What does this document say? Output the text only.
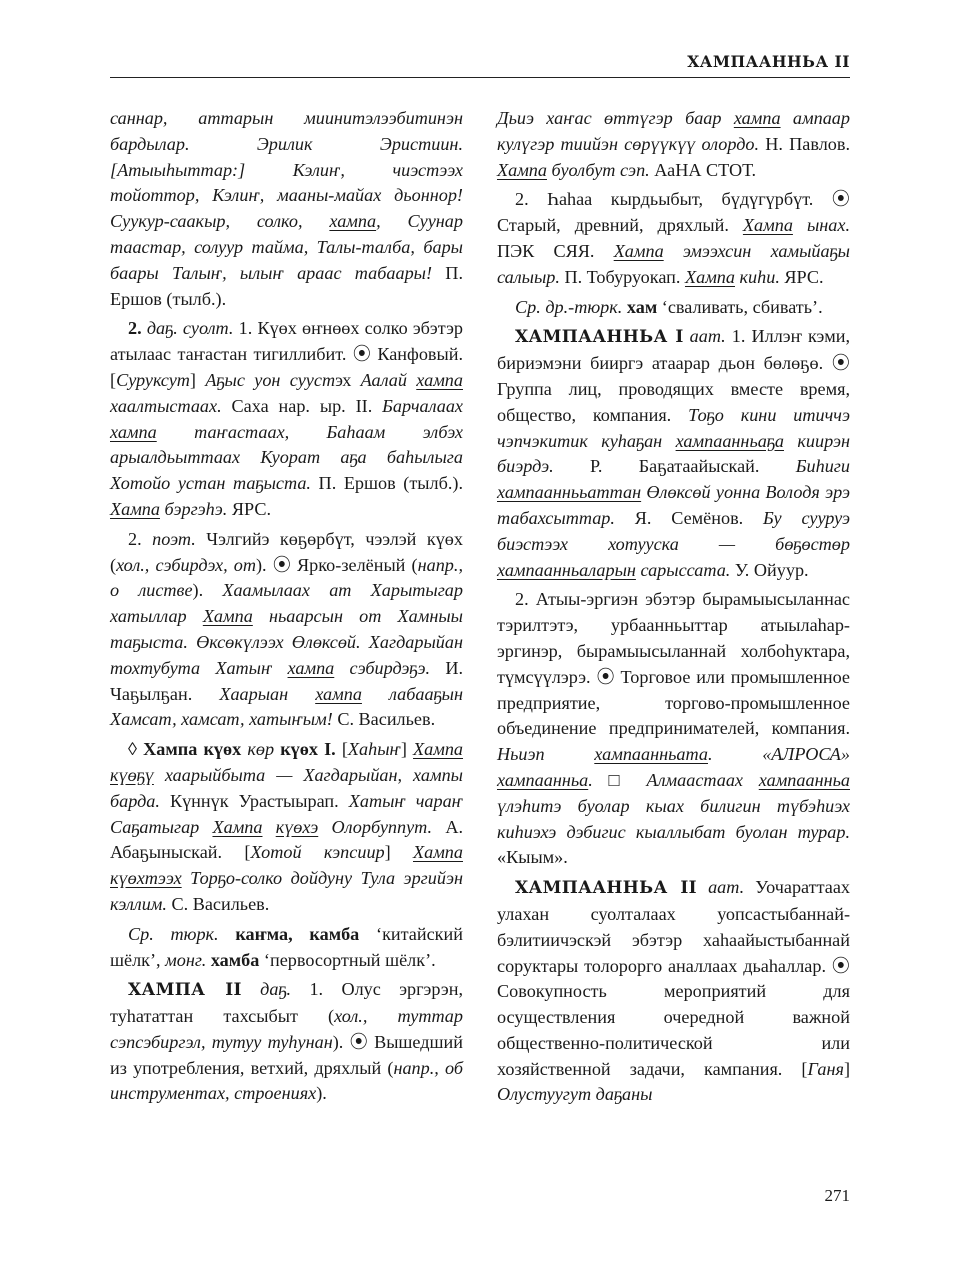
ХАМПААННЬА II

саннар, аттарын миинитэлээбитинэн бардылар. Эрилик Эристиин. [Атыыһыттар:] Кэлиҥ, чиэстээх тойоттор, Кэлиҥ, мааны-майах дьоннор! Суукур-саакыр, солко, хампа, Суунар таастар, солуур тайма, Талы-талба, бары баары Талыҥ, ылыҥ араас табаары! П. Ершов (тылб.).

2. даҕ. суолт. 1. Күөх өҥнөөх солко эбэтэр атылаас таҥастан тигиллибит. ⦿ Канфовый. [Суруксут] Аҕыс уон суустэх Аалай хампа хаалтыстаах. Саха нар. ыр. II. Барчалаах хампа таҥастаах, Баһаам элбэх арыалдьыттаах Куорат аҕа баһылыга Хотойо устан таҕыста. П. Ершов (тылб.). Хампа бэргэһэ. ЯРС.

2. поэт. Чэлгийэ көҕөрбүт, чээлэй күөх (хол., сэбирдэх, от). ⦿ Ярко-зелёный (напр., о листве). Хаамылаах ат Харытыгар хатыллар Хампа ньаарсын от Хамныы таҕыста. Өксөкүлээх Өлөксөй. Хагдарыйан тохтубута Хатыҥ хампа сэбирдэҕэ. И. Чаҕылҕан. Хаарыан хампа лабааҕын Хамсат, хамсат, хатыҥым! С. Васильев.

◊ Хампа күөх көр күөх I. [Хаһыҥ] Хампа күөҕү хаарыйбыта — Хагдарыйан, хампы барда. Күннүк Урастыырап. Хатыҥ чараҥ Саҕатыгар Хампа күөхэ Олорбуппут. А. Абаҕыныскай. [Хотой кэпсиир] Хампа күөхтээх Торҕо-солко дойдуну Тула эргийэн кэллим. С. Васильев.

Ср. тюрк. каҥма, камба ‘китайский шёлк’, монг. хамба ‘первосортный шёлк’.

ХАМПА II даҕ. 1. Олус эргэрэн, туһататтан тахсыбыт (хол., туттар сэпсэбиргэл, тутуу туһунан). ⦿ Вышедший из употребления, ветхий, дряхлый (напр., об инструментах, строениях).

Дьиэ хаҥас өттүгэр баар хампа ампаар кулүгэр тиийэн сөрүүкүү олордо. Н. Павлов. Хампа буолбут сэп. АаНА СТОТ.

2. Һаһаа кырдьыбыт, бүдүгүрбүт. ⦿ Старый, древний, дряхлый. Хампа ынах. ПЭК СЯЯ. Хампа эмээхсин хамыйаҕы салыыр. П. Тобуруокап. Хампа киһи. ЯРС.

Ср. др.-тюрк. хам ‘сваливать, сбивать’.

ХАМПААННЬА I аат. 1. Иллэҥ кэми, бириэмэни бииргэ атаарар дьон бөлөҕө. ⦿ Группа лиц, проводящих вместе время, общество, компания. Тоҕо кини итиччэ чэпчэкитик куһаҕан хампаанньаҕа киирэн биэрдэ. Р. Баҕатаайыскай. Биһиги хампааннььаттан Өлөксөй уонна Володя эрэ табахсыттар. Я. Семёнов. Бу сууруэ биэстээх хотууска — бөҕөстөр хампаанньаларын сарыссата. У. Ойуур.

2. Атыы-эргиэн эбэтэр бырамыысыланнас тэрилтэтэ, урбаанньыттар атыылаһар-эргинэр, бырамыысыланнай холбоһуктара, түмсүүлэрэ. ⦿ Торговое или промышленное предприятие, торгово-промышленное объединение предпринимателей, компания. Ньиэп хампаанньата. «АЛРОСА» хампаанньа. □ Алмаастаах хампаанньа үлэһитэ буолар кыах билигин түбэһиэх киһиэхэ дэбигис кыаллыбат буолан турар. «Кыым».

ХАМПААННЬА II аат. Уочараттаах улахан суолталаах уопсастыбаннай-бэлитиичэскэй эбэтэр хаһаайыстыбаннай соруктары толорорго аналлаах дьаһаллар. ⦿ Совокупность мероприятий для осуществления очередной важной общественно-политической или хозяйственной задачи, кампания. [Ганя] Олустуугут даҕаны

271
